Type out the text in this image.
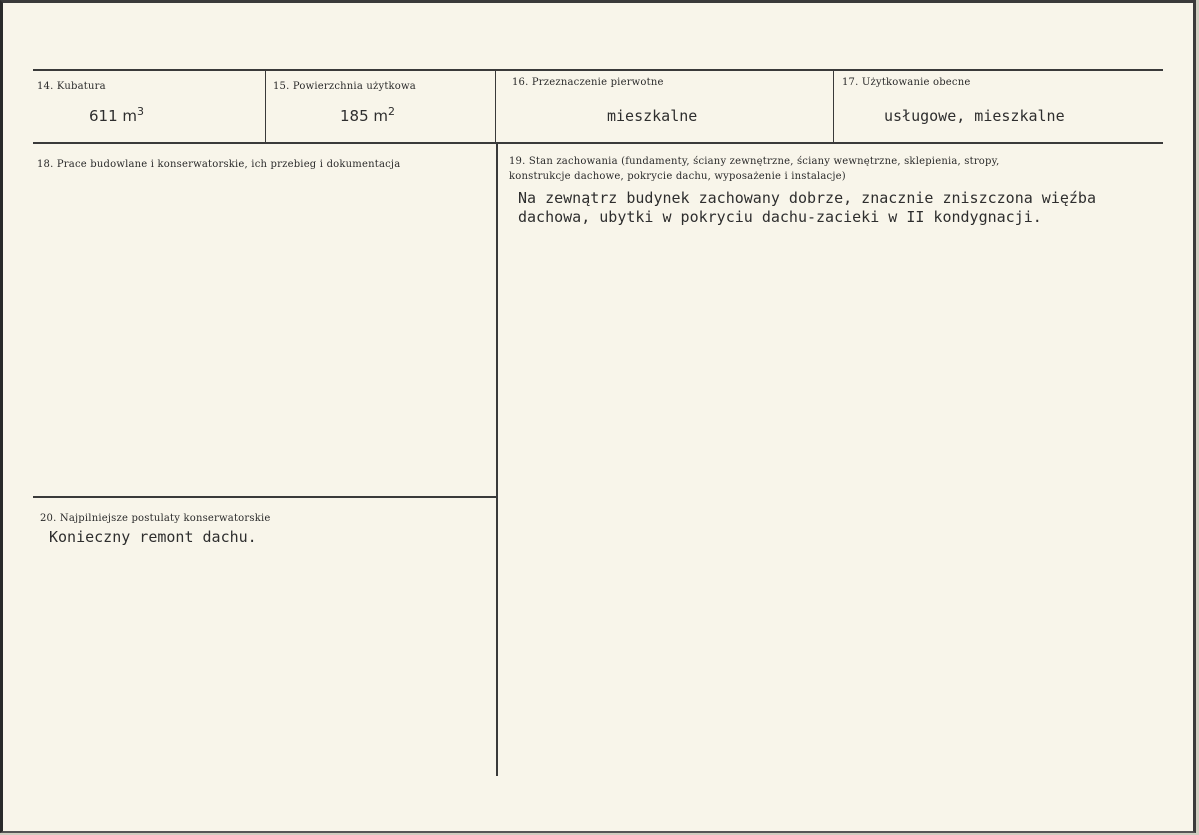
14. Kubatura
611 $m^3$
15. Powierzchnia użytkowa
185 $m^2$
16. Przeznaczenie pierwotne
mieszkalne
17. Użytkowanie obecne
usługowe, mieszkalne
18. Prace budowlane i konserwatorskie, ich przebieg i dokumentacja	19. Stan zachowania (fundamenty, ściany zewnętrzne, ściany wewnętrzne, sklepienia, stropy,
konstrukcje dachowe, pokrycie dachu, wyposażenie i instalacje)
Na zewnątrz budynek zachowany dobrze, znacznie zniszczona więźba
dachowa, ubytki w pokryciu dachu-zacieki w II kondygnacji.
20. Najpilniejsze postulaty konserwatorskie
Konieczny remont dachu.
